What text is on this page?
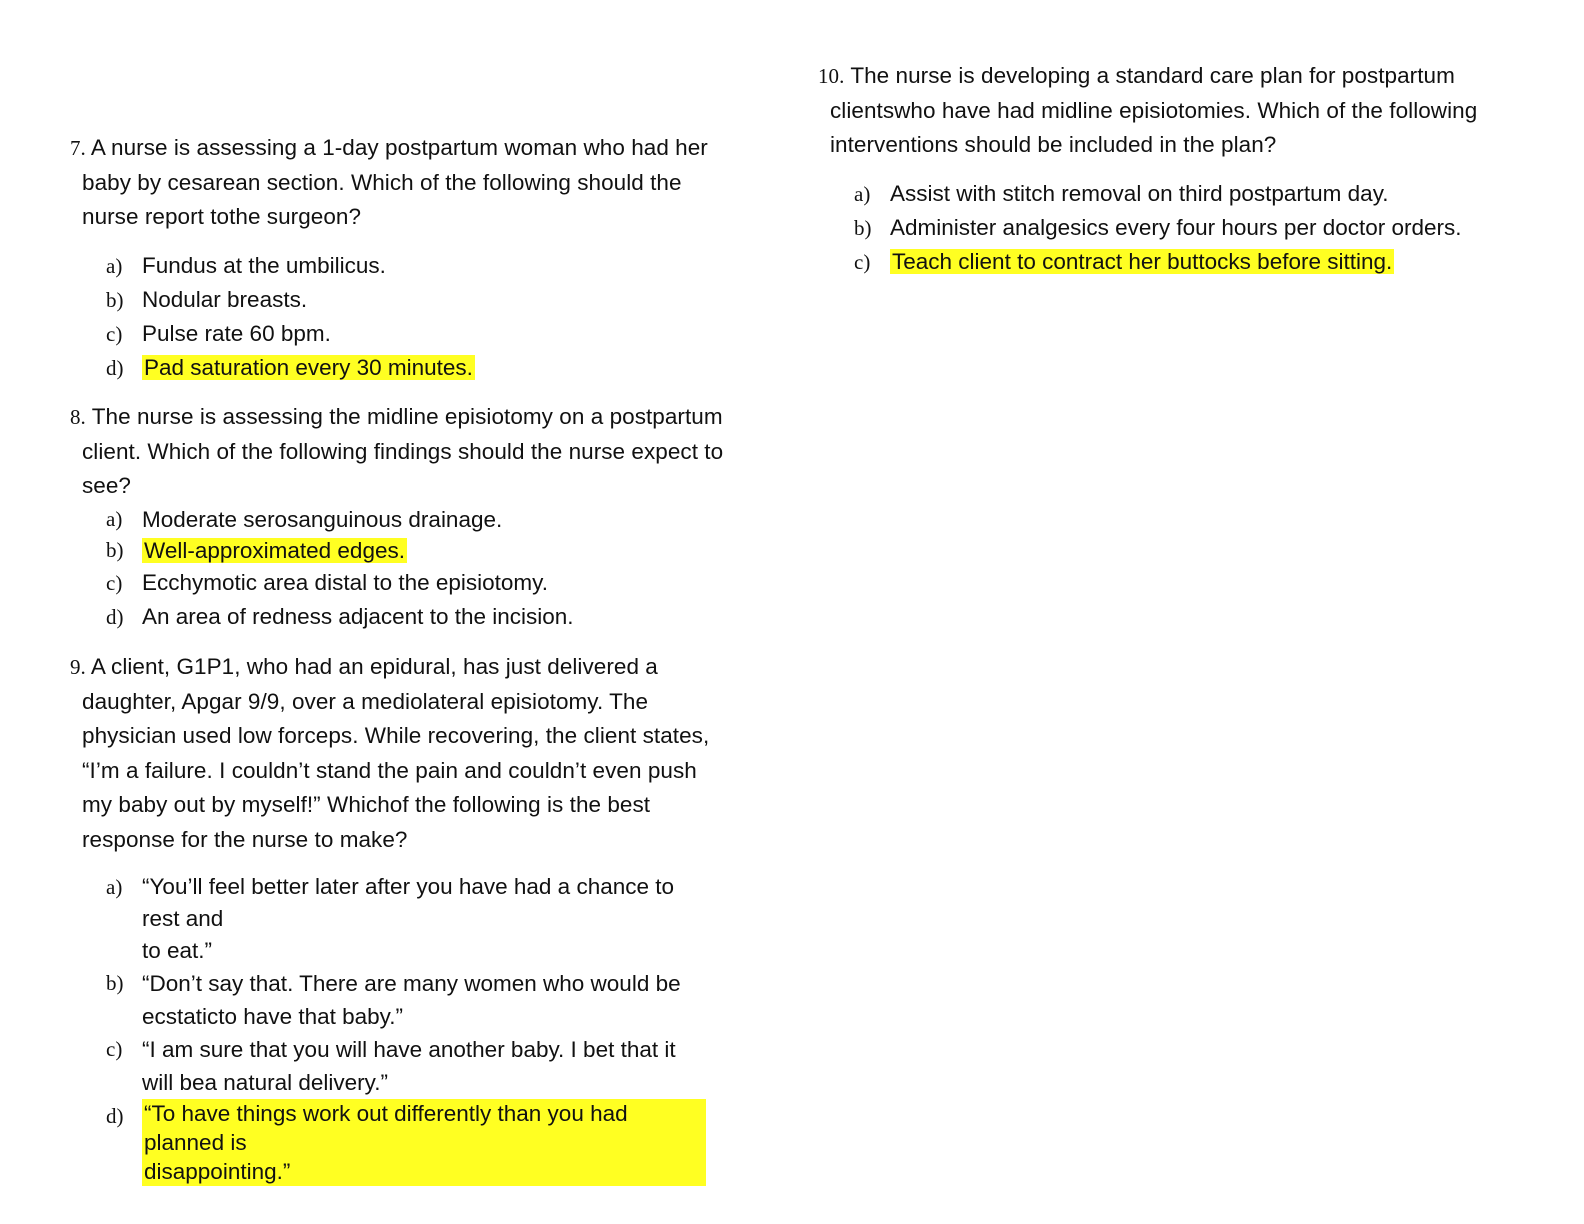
7. A nurse is assessing a 1-day postpartum woman who had her baby by cesarean section. Which of the following should the nurse report tothe surgeon?

a) Fundus at the umbilicus.
b) Nodular breasts.
c) Pulse rate 60 bpm.
d) Pad saturation every 30 minutes.

8. The nurse is assessing the midline episiotomy on a postpartum client. Which of the following findings should the nurse expect to see?

a) Moderate serosanguinous drainage.
b) Well-approximated edges.
c) Ecchymotic area distal to the episiotomy.
d) An area of redness adjacent to the incision.

9. A client, G1P1, who had an epidural, has just delivered a daughter, Apgar 9/9, over a mediolateral episiotomy. The physician used low forceps. While recovering, the client states, “I’m a failure. I couldn’t stand the pain and couldn’t even push my baby out by myself!” Whichof the following is the best response for the nurse to make?

a) “You’ll feel better later after you have had a chance to rest and
to eat.”
b) “Don’t say that. There are many women who would be ecstaticto have that baby.”
c) “I am sure that you will have another baby. I bet that it will bea natural delivery.”
d) “To have things work out differently than you had planned is
disappointing.”

10. The nurse is developing a standard care plan for postpartum clientswho have had midline episiotomies. Which of the following interventions should be included in the plan?

a) Assist with stitch removal on third postpartum day.
b) Administer analgesics every four hours per doctor orders.
c) Teach client to contract her buttocks before sitting.
